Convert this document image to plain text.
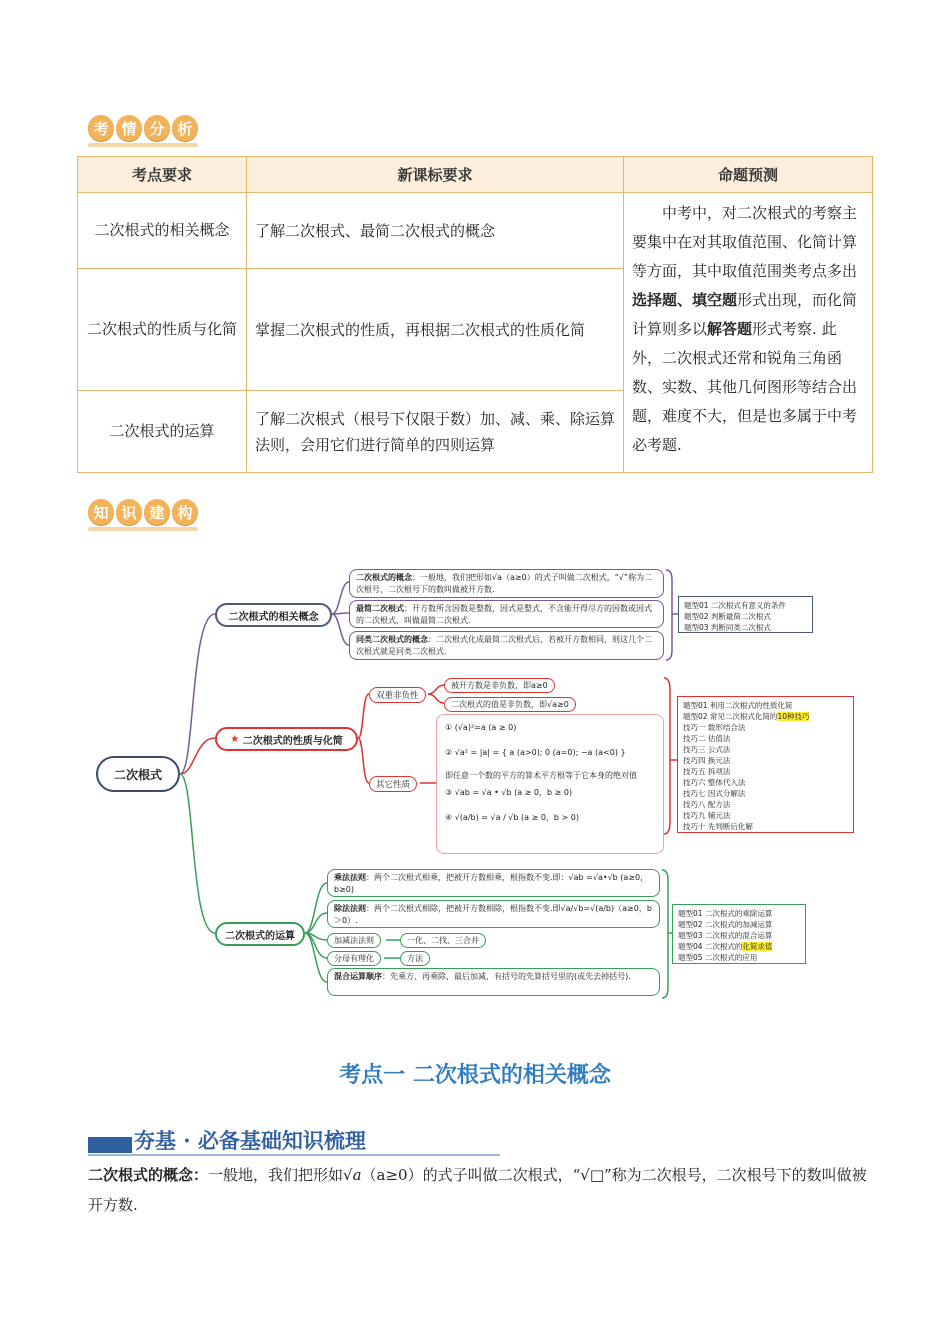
考 情 分 析
考点要求	新课标要求	命题预测
二次根式的相关概念	了解二次根式、最简二次根式的概念	中考中，对二次根式的考察主要集中在对其取值范围、化简计算等方面，其中取值范围类考点多出选择题、填空题形式出现，而化简计算则多以解答题形式考察. 此外，二次根式还常和锐角三角函数、实数、其他几何图形等结合出题，难度不大，但是也多属于中考必考题.
二次根式的性质与化简	掌握二次根式的性质，再根据二次根式的性质化简	
二次根式的运算	了解二次根式（根号下仅限于数）加、减、乘、除运算法则，会用它们进行简单的四则运算	
知 识 建 构
二次根式
二次根式的相关概念
二次根式的概念：一般地，我们把形如√a（a≥0）的式子叫做二次根式，“√”称为二次根号，二次根号下的数叫做被开方数.
最简二次根式：开方数所含因数是整数，因式是整式，不含能开得尽方的因数或因式的二次根式，叫做最简二次根式.
同类二次根式的概念：二次根式化成最简二次根式后，若被开方数相同，则这几个二次根式就是同类二次根式.
题型01 二次根式有意义的条件
题型02 判断最简二次根式
题型03 判断同类二次根式
★
二次根式的性质与化简
双重非负性
被开方数是非负数，即a≥0
二次根式的值是非负数，即√a≥0
其它性质
① (√a)²=a (a ≥ 0)
② √a² = |a| = { a (a>0); 0 (a=0); −a (a<0) }
即任意一个数的平方的算术平方根等于它本身的绝对值
③ √ab = √a • √b (a ≥ 0，b ≥ 0)
④ √(a/b) = √a / √b (a ≥ 0，b > 0)
题型01 利用二次根式的性质化简
题型02 常见二次根式化简的10种技巧
技巧一 数形结合法
技巧二 估值法
技巧三 公式法
技巧四 换元法
技巧五 拆项法
技巧六 整体代入法
技巧七 因式分解法
技巧八 配方法
技巧九 辅元法
技巧十 先判断后化解
二次根式的运算
乘法法则：两个二次根式相乘，把被开方数相乘，根指数不变.即：√ab =√a•√b (a≥0，b≥0)
除法法则：两个二次根式相除，把被开方数相除，根指数不变.即√a/√b=√(a/b)（a≥0，b＞0）.
加减法法则	一化、二找、三合并
分母有理化	方法
混合运算顺序：先乘方、再乘除，最后加减，有括号的先算括号里的(或先去掉括号).
题型01 二次根式的乘除运算
题型02 二次根式的加减运算
题型03 二次根式的混合运算
题型04 二次根式的化简求值
题型05 二次根式的应用
考点一 二次根式的相关概念
夯基 · 必备基础知识梳理
二次根式的概念：一般地，我们把形如√a（a≥0）的式子叫做二次根式，“√□”称为二次根号，二次根号下的数叫做被开方数.
